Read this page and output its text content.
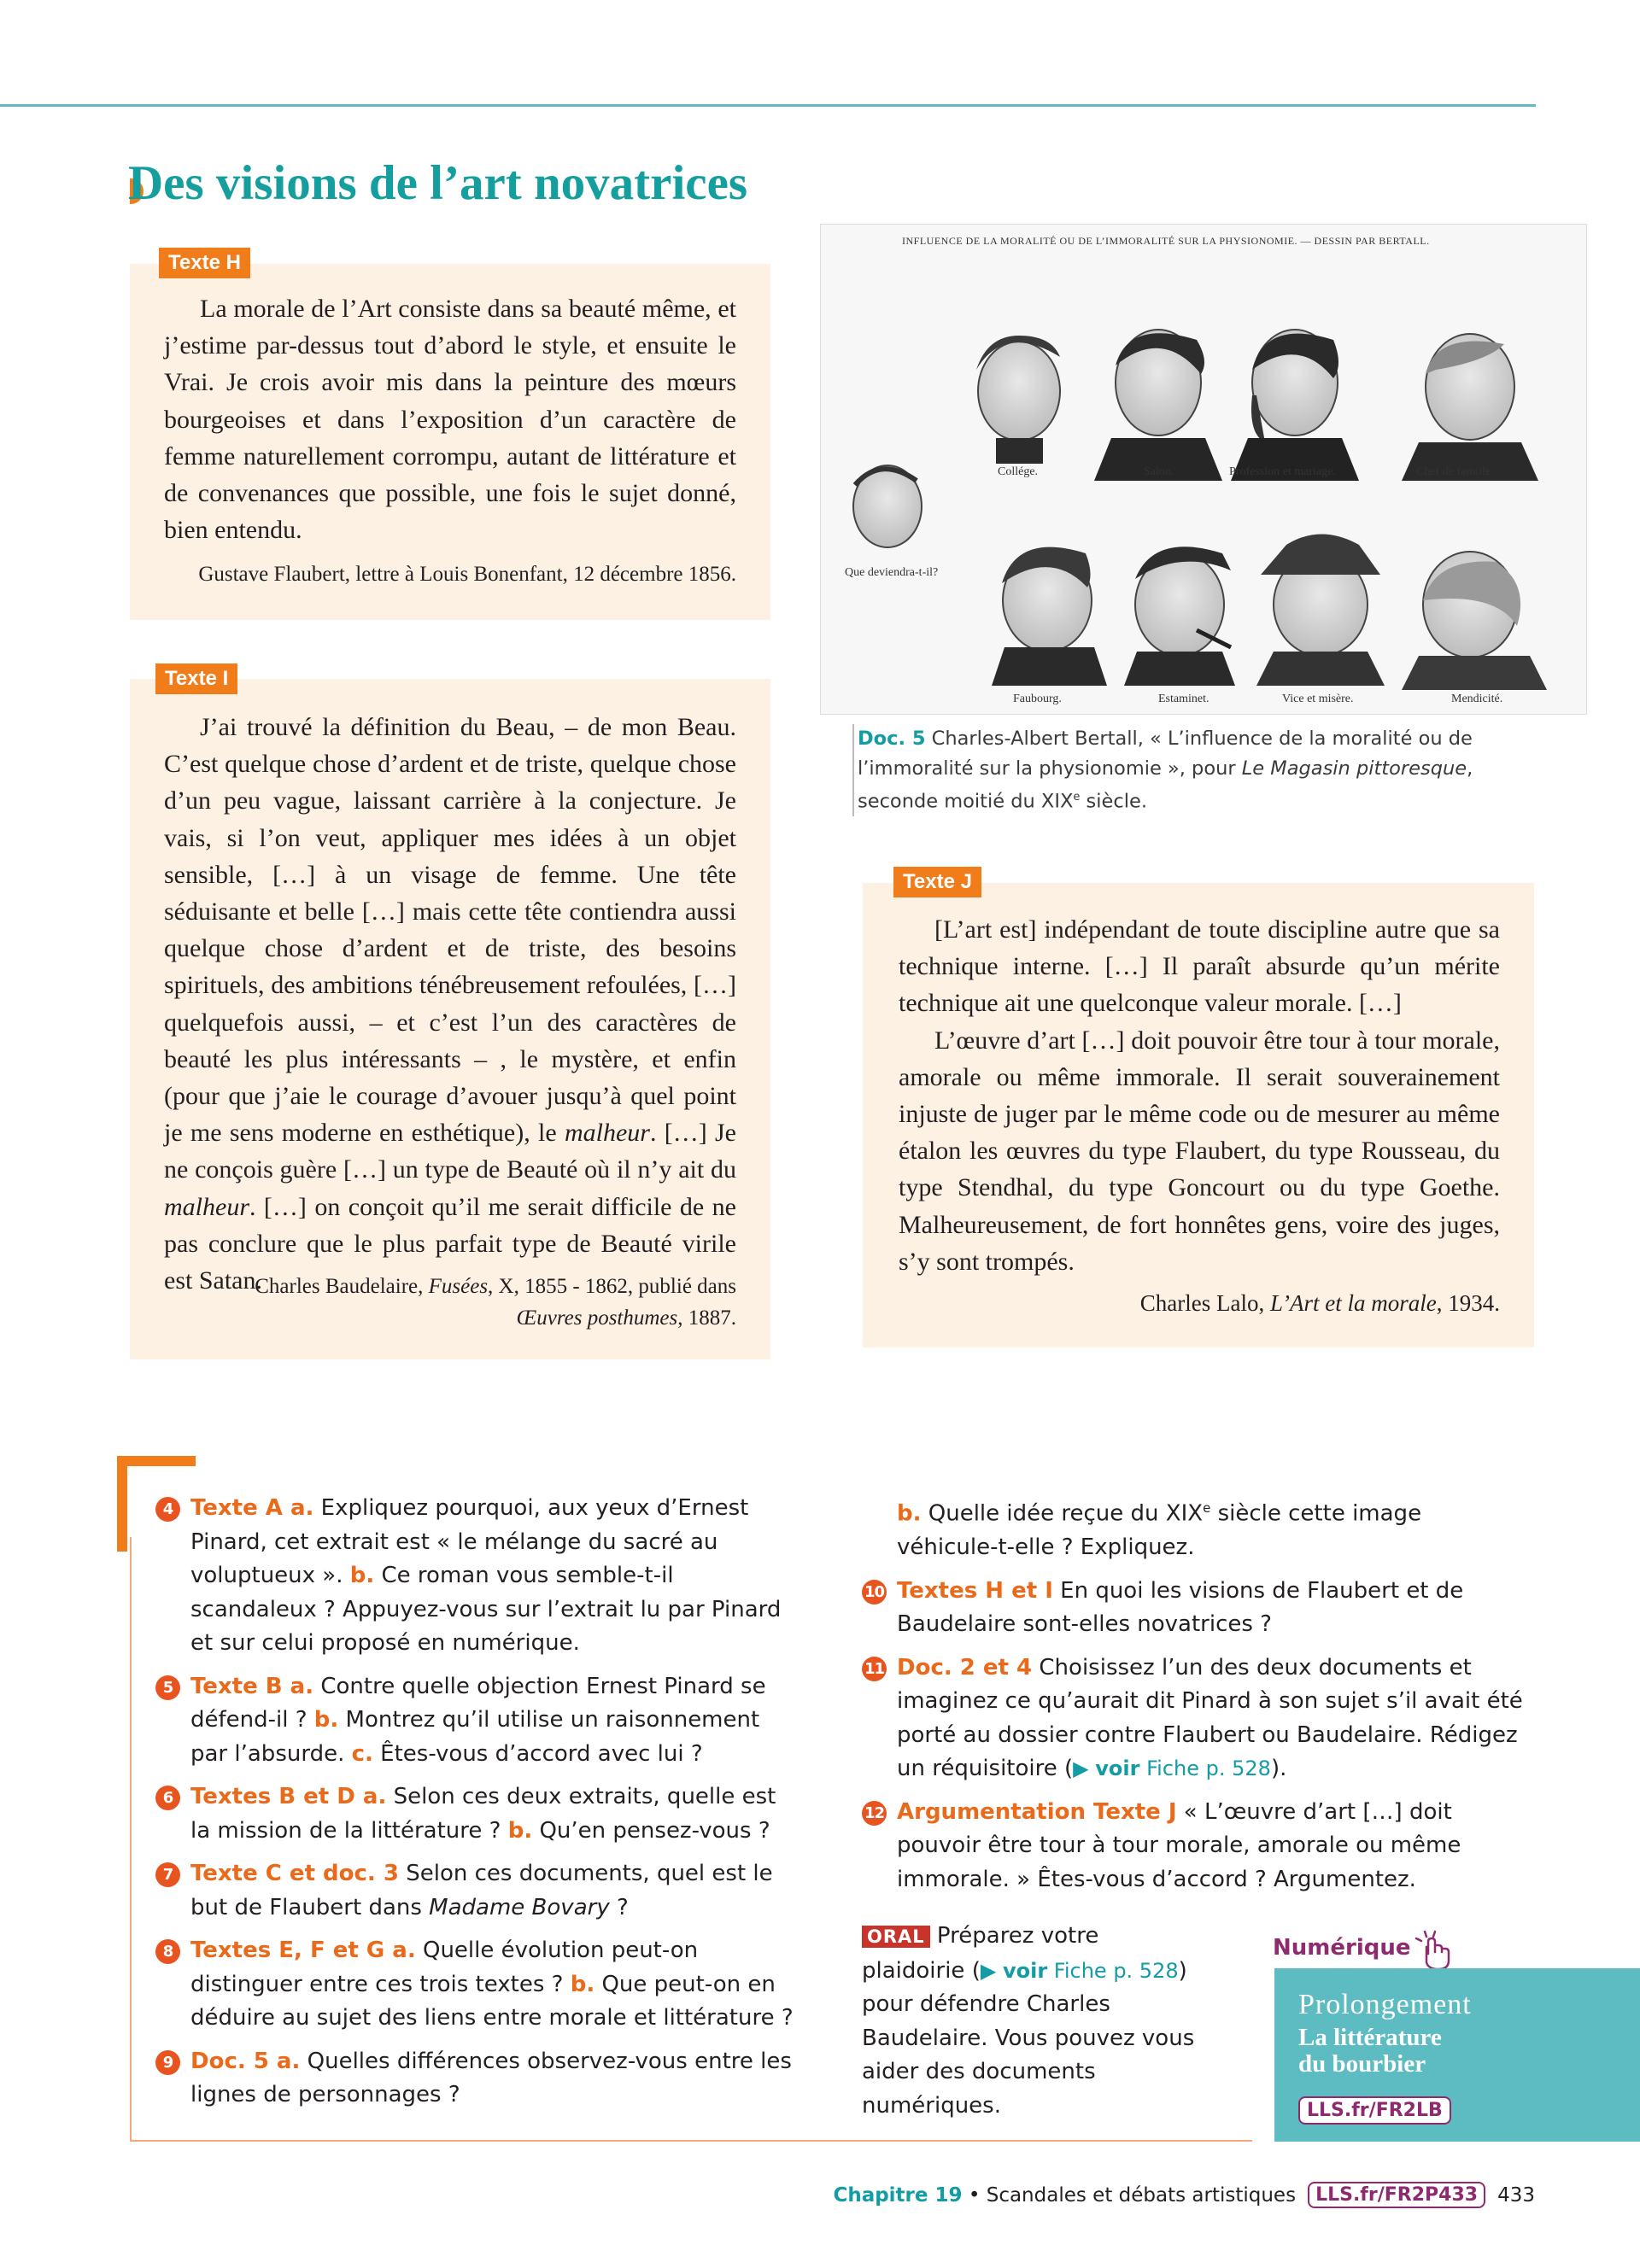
Des visions de l’art novatrices
Texte H

La morale de l’Art consiste dans sa beauté même, et j’estime par-dessus tout d’abord le style, et ensuite le Vrai. Je crois avoir mis dans la peinture des mœurs bourgeoises et dans l’exposition d’un caractère de femme naturellement corrompu, autant de littérature et de convenances que possible, une fois le sujet donné, bien entendu.

Gustave Flaubert, lettre à Louis Bonenfant, 12 décembre 1856.
Texte I

J’ai trouvé la définition du Beau, – de mon Beau. C’est quelque chose d’ardent et de triste, quelque chose d’un peu vague, laissant carrière à la conjecture. Je vais, si l’on veut, appliquer mes idées à un objet sensible, […] à un visage de femme. Une tête séduisante et belle […] mais cette tête contiendra aussi quelque chose d’ardent et de triste, des besoins spirituels, des ambitions ténébreusement refoulées, […] quelquefois aussi, – et c’est l’un des caractères de beauté les plus intéressants – , le mystère, et enfin (pour que j’aie le courage d’avouer jusqu’à quel point je me sens moderne en esthétique), le malheur. […] Je ne conçois guère […] un type de Beauté où il n’y ait du malheur. […] on conçoit qu’il me serait difficile de ne pas conclure que le plus parfait type de Beauté virile est Satan.

Charles Baudelaire, Fusées, X, 1855 - 1862, publié dans
Œuvres posthumes, 1887.
INFLUENCE DE LA MORALITÉ OU DE L’IMMORALITÉ SUR LA PHYSIONOMIE. — DESSIN PAR BERTALL.
Collége.	Salon.	Profession et mariage.	Chef de famille.
Que deviendra-t-il?
Faubourg.	Estaminet.	Vice et misère.	Mendicité.
Doc. 5 Charles-Albert Bertall, « L’influence de la moralité ou de l’immoralité sur la physionomie », pour Le Magasin pittoresque, seconde moitié du XIXe siècle.
Texte J

[L’art est] indépendant de toute discipline autre que sa technique interne. […] Il paraît absurde qu’un mérite technique ait une quelconque valeur morale. […]

L’œuvre d’art […] doit pouvoir être tour à tour morale, amorale ou même immorale. Il serait souverainement injuste de juger par le même code ou de mesurer au même étalon les œuvres du type Flaubert, du type Rousseau, du type Stendhal, du type Goncourt ou du type Goethe. Malheureusement, de fort honnêtes gens, voire des juges, s’y sont trompés.

Charles Lalo, L’Art et la morale, 1934.
4 Texte A a. Expliquez pourquoi, aux yeux d’Ernest Pinard, cet extrait est « le mélange du sacré au voluptueux ». b. Ce roman vous semble-t-il scandaleux ? Appuyez-vous sur l’extrait lu par Pinard et sur celui proposé en numérique.
5 Texte B a. Contre quelle objection Ernest Pinard se défend-il ? b. Montrez qu’il utilise un raisonnement par l’absurde. c. Êtes-vous d’accord avec lui ?
6 Textes B et D a. Selon ces deux extraits, quelle est la mission de la littérature ? b. Qu’en pensez-vous ?
7 Texte C et doc. 3 Selon ces documents, quel est le but de Flaubert dans Madame Bovary ?
8 Textes E, F et G a. Quelle évolution peut-on distinguer entre ces trois textes ? b. Que peut-on en déduire au sujet des liens entre morale et littérature ?
9 Doc. 5 a. Quelles différences observez-vous entre les lignes de personnages ?
b. Quelle idée reçue du XIXe siècle cette image véhicule-t-elle ? Expliquez.
10 Textes H et I En quoi les visions de Flaubert et de Baudelaire sont-elles novatrices ?
11 Doc. 2 et 4 Choisissez l’un des deux documents et imaginez ce qu’aurait dit Pinard à son sujet s’il avait été porté au dossier contre Flaubert ou Baudelaire. Rédigez un réquisitoire (▶ voir Fiche p. 528).
12 Argumentation Texte J « L’œuvre d’art […] doit pouvoir être tour à tour morale, amorale ou même immorale. » Êtes-vous d’accord ? Argumentez.
ORAL Préparez votre plaidoirie (▶ voir Fiche p. 528) pour défendre Charles Baudelaire. Vous pouvez vous aider des documents numériques.
Numérique
Prolongement
La littérature
du bourbier
LLS.fr/FR2LB
Chapitre 19 • Scandales et débats artistiques	LLS.fr/FR2P433	433
